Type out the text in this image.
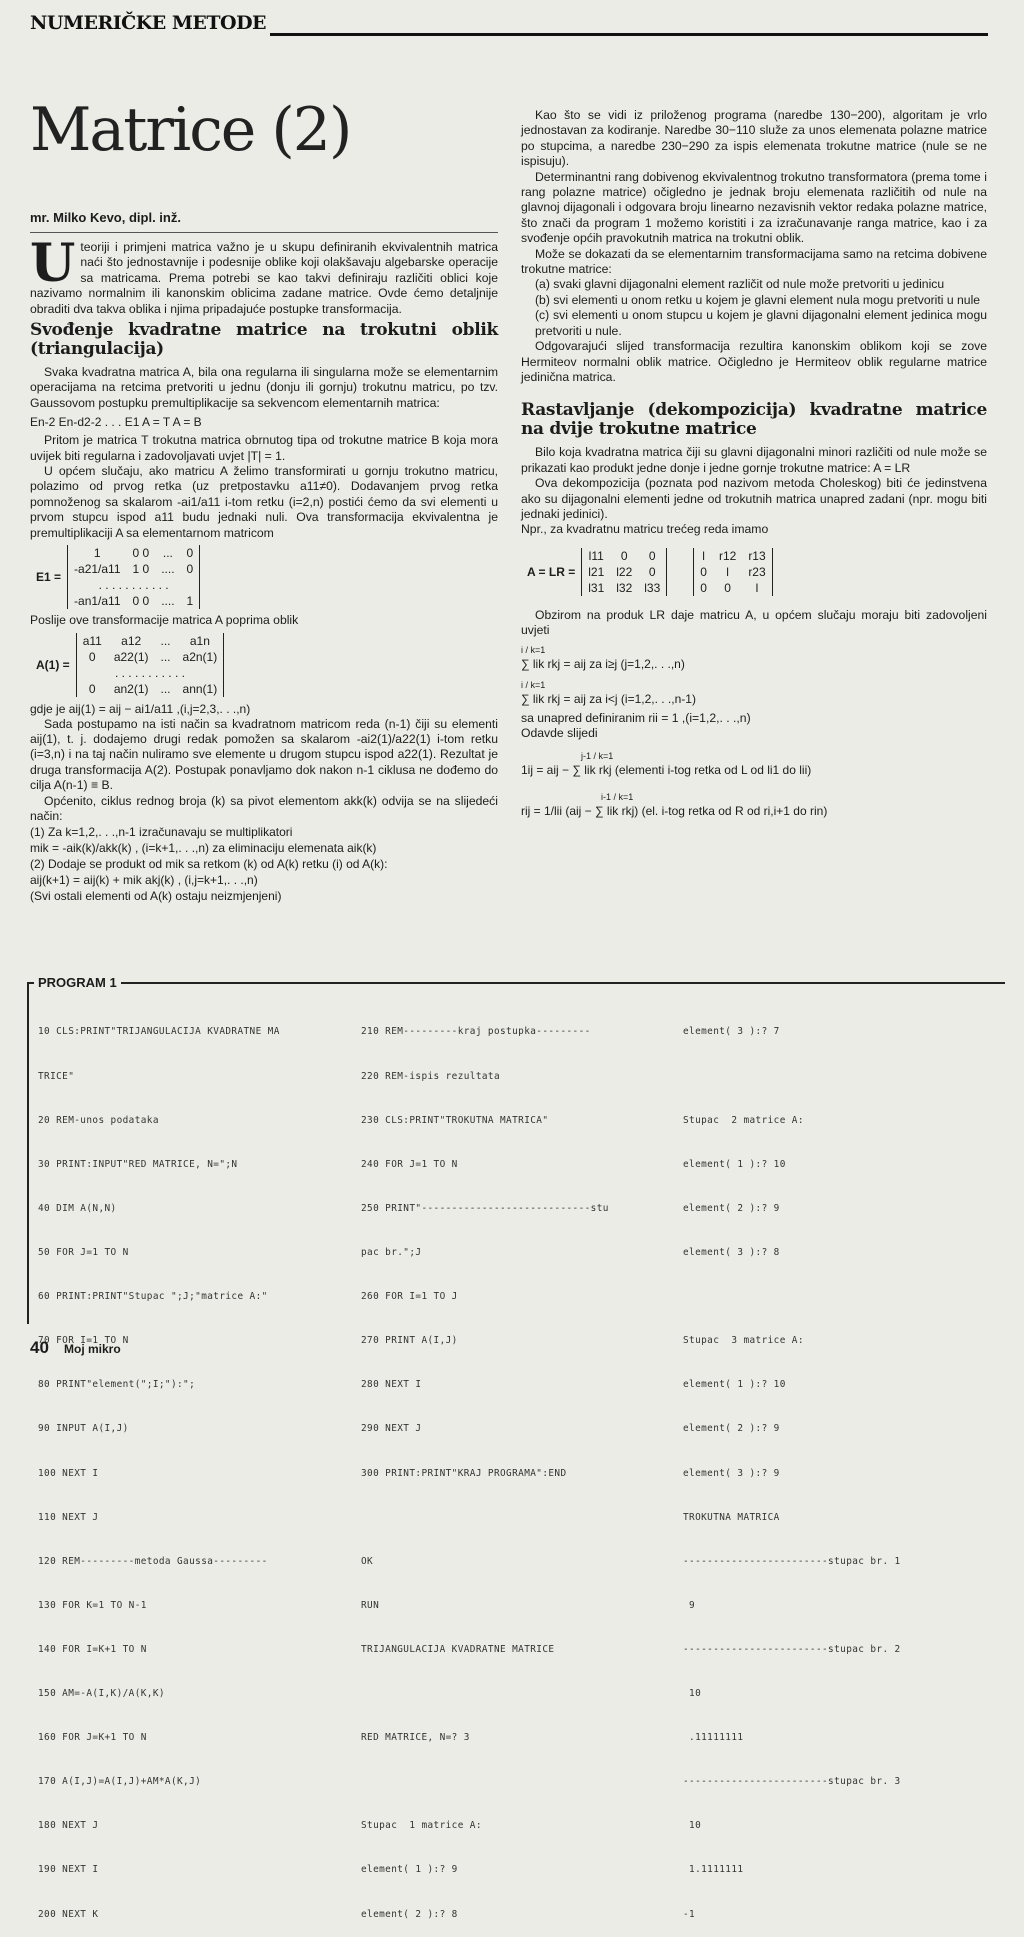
NUMERIČKE METODE
Matrice (2)
mr. Milko Kevo, dipl. inž.

Uteoriji i primjeni matrica važno je u skupu definiranih ekvivalentnih matrica naći što jednostavnije i podesnije oblike koji olakšavaju algebarske operacije sa matricama. Prema potrebi se kao takvi definiraju različiti oblici koje nazivamo normalnim ili kanonskim oblicima zadane matrice. Ovde ćemo detaljnije obraditi dva takva oblika i njima pripadajuće postupke transformacija.

Svođenje kvadratne matrice na trokutni oblik (triangulacija)

Svaka kvadratna matrica A, bila ona regularna ili singularna može se elementarnim operacijama na retcima pretvoriti u jednu (donju ili gornju) trokutnu matricu, po tzv. Gaussovom postupku premultiplikacije sa sekvencom elementarnih matrica:

En-2 En-d2-2 . . . E1 A = T A = B

Pritom je matrica T trokutna matrica obrnutog tipa od trokutne matrice B koja mora uvijek biti regularna i zadovoljavati uvjet |T| = 1.

U općem slučaju, ako matricu A želimo transformirati u gornju trokutno matricu, polazimo od prvog retka (uz pretpostavku a11≠0). Dodavanjem prvog retka pomnoženog sa skalarom -ai1/a11 i-tom retku (i=2,n) postići ćemo da svi elementi u prvom stupcu ispod a11 budu jednaki nuli. Ova transformacija ekvivalentna je premultiplikaciji A sa elementarnom matricom

E1 =	1	0 0	...	0
	-a21/a11	1 0	....	0
	. . . . . . . . . . .			
	-an1/a11	0 0	....	1

Poslije ove transformacije matrica A poprima oblik

A(1) =	a11	a12	...	a1n
	0	a22(1)	...	a2n(1)
	. . . . . . . . . . .			
	0	an2(1)	...	ann(1)
gdje je aij(1) = aij − ai1/a11 ,(i,j=2,3,. . .,n)

Sada postupamo na isti način sa kvadratnom matricom reda (n-1) čiji su elementi aij(1), t. j. dodajemo drugi redak pomožen sa skalarom -ai2(1)/a22(1) i-tom retku (i=3,n) i na taj način nuliramo sve elemente u drugom stupcu ispod a22(1). Rezultat je druga transformacija A(2). Postupak ponavljamo dok nakon n-1 ciklusa ne dođemo do cilja A(n-1) ≡ B.

Općenito, ciklus rednog broja (k) sa pivot elementom akk(k) odvija se na slijedeći način:

(1) Za k=1,2,. . .,n-1 izračunavaju se multiplikatori
mik = -aik(k)/akk(k) , (i=k+1,. . .,n) za eliminaciju elemenata aik(k)
(2) Dodaje se produkt od mik sa retkom (k) od A(k) retku (i) od A(k):
aij(k+1) = aij(k) + mik akj(k) , (i,j=k+1,. . .,n)
(Svi ostali elementi od A(k) ostaju neizmjenjeni)

Kao što se vidi iz priloženog programa (naredbe 130−200), algoritam je vrlo jednostavan za kodiranje. Naredbe 30−110 služe za unos elemenata polazne matrice po stupcima, a naredbe 230−290 za ispis elemenata trokutne matrice (nule se ne ispisuju).

Determinantni rang dobivenog ekvivalentnog trokutno transformatora (prema tome i rang polazne matrice) očigledno je jednak broju elemenata različitih od nule na glavnoj dijagonali i odgovara broju linearno nezavisnih vektor redaka polazne matrice, što znači da program 1 možemo koristiti i za izračunavanje ranga matrice, kao i za svođenje općih pravokutnih matrica na trokutni oblik.

Može se dokazati da se elementarnim transformacijama samo na retcima dobivene trokutne matrice:

(a) svaki glavni dijagonalni element različit od nule može pretvoriti u jedinicu

(b) svi elementi u onom retku u kojem je glavni element nula mogu pretvoriti u nule

(c) svi elementi u onom stupcu u kojem je glavni dijagonalni element jedinica mogu pretvoriti u nule.

Odgovarajući slijed transformacija rezultira kanonskim oblikom koji se zove Hermiteov normalni oblik matrice. Očigledno je Hermiteov oblik regularne matrice jedinična matrica.

Rastavljanje (dekompozicija) kvadratne matrice na dvije trokutne matrice

Bilo koja kvadratna matrica čiji su glavni dijagonalni minori različiti od nule može se prikazati kao produkt jedne donje i jedne gornje trokutne matrice: A = LR

Ova dekompozicija (poznata pod nazivom metoda Choleskog) biti će jedinstvena ako su dijagonalni elementi jedne od trokutnih matrica unapred zadani (npr. mogu biti jednaki jedinici).

Npr., za kvadratnu matricu trećeg reda imamo

A = LR =	l11	0	0		l	r12	r13
	l21	l22	0		0	l	r23
	l31	l32	l33		0	0	l

Obzirom na produk LR daje matricu A, u općem slučaju moraju biti zadovoljeni uvjeti

i / k=1
∑ lik rkj = aij za i≥j (j=1,2,. . .,n)
i / k=1
∑ lik rkj = aij za i<j (i=1,2,. . .,n-1)

sa unapred definiranim rii = 1 ,(i=1,2,. . .,n)

Odavde slijedi

j-1 / k=1
1ij = aij − ∑ lik rkj (elementi i-tog retka od L od li1 do lii)
i-1 / k=1
rij = 1/lii (aij − ∑ lik rkj) (el. i-tog retka od R od ri,i+1 do rin)
PROGRAM 1

10 CLS:PRINT"TRIJANGULACIJA KVADRATNE MA

TRICE"

20 REM-unos podataka

30 PRINT:INPUT"RED MATRICE, N=";N

40 DIM A(N,N)

50 FOR J=1 TO N

60 PRINT:PRINT"Stupac ";J;"matrice A:"

70 FOR I=1 TO N

80 PRINT"element(";I;"):";

90 INPUT A(I,J)

100 NEXT I

110 NEXT J

120 REM---------metoda Gaussa---------

130 FOR K=1 TO N-1

140 FOR I=K+1 TO N

150 AM=-A(I,K)/A(K,K)

160 FOR J=K+1 TO N

170 A(I,J)=A(I,J)+AM*A(K,J)

180 NEXT J

190 NEXT I

200 NEXT K

210 REM---------kraj postupka---------

220 REM-ispis rezultata

230 CLS:PRINT"TROKUTNA MATRICA"

240 FOR J=1 TO N

250 PRINT"----------------------------stu

pac br.";J

260 FOR I=1 TO J

270 PRINT A(I,J)

280 NEXT I

290 NEXT J

300 PRINT:PRINT"KRAJ PROGRAMA":END

OK

RUN

TRIJANGULACIJA KVADRATNE MATRICE

RED MATRICE, N=? 3

Stupac  1 matrice A:

element( 1 ):? 9

element( 2 ):? 8

element( 3 ):? 7

Stupac  2 matrice A:

element( 1 ):? 10

element( 2 ):? 9

element( 3 ):? 8

Stupac  3 matrice A:

element( 1 ):? 10

element( 2 ):? 9

element( 3 ):? 9

TROKUTNA MATRICA

------------------------stupac br. 1

9

------------------------stupac br. 2

10

.11111111

------------------------stupac br. 3

10

1.1111111

-1

40 Moj mikro
